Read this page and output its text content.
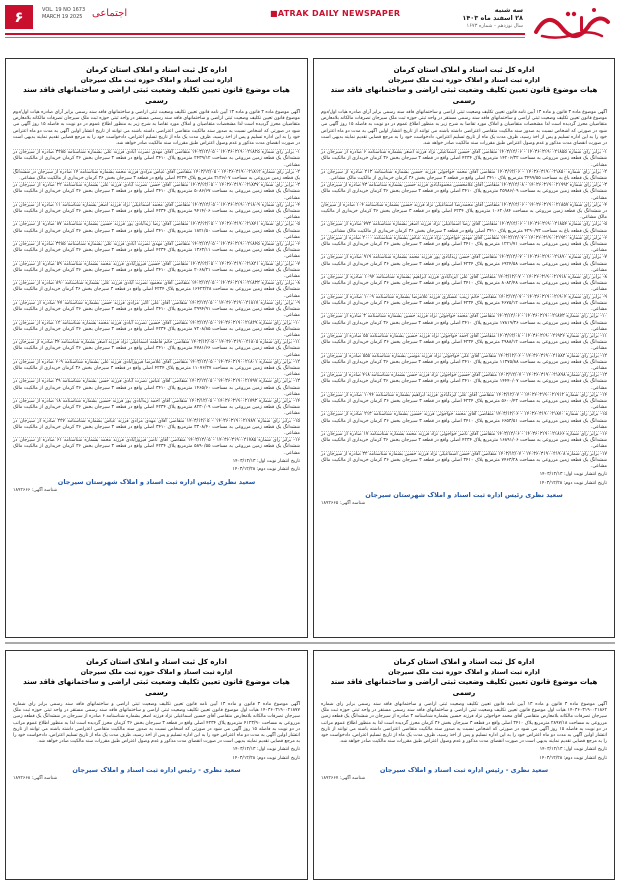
۶	VOL. 19 NO 1673
MARCH 19 2025 اجتماعی	■ATRAK DAILY NEWSPAPER	سه شنبه
۲۸ اسفند ماه ۱۴۰۳
سال نوزدهم - شماره ۱۶۷۳
اداره کل ثبت اسناد و املاک استان کرمان
اداره ثبت اسناد و املاک حوزه ثبت ملک سیرجان
هیات موضوع قانون تعیین تکلیف وضعیت ثبتی اراضی و ساختمانهای فاقد سند رسمی
آگهی موضوع ماده ۳ قانون و ماده ۱۳ آیین نامه قانون تعیین تکلیف وضعیت ثبتی اراضی و ساختمانهای فاقد سند رسمی برابر آرای صادره هیات اول/دوم موضوع قانون تعیین تکلیف وضعیت ثبتی اراضی و ساختمانهای فاقد سند رسمی مستقر در واحد ثبتی حوزه ثبت ملک سیرجان تصرفات مالکانه بلامعارض متقاضیان محرز گردیده است لذا مشخصات متقاضیان و املاک مورد تقاضا به شرح زیر به منظور اطلاع عموم در دو نوبت به فاصله ۱۵ روز آگهی می شود در صورتی که اشخاص نسبت به صدور سند مالکیت متقاضی اعتراضی داشته باشند می توانند از تاریخ انتشار اولین آگهی به مدت دو ماه اعتراض خود را به این اداره تسلیم و پس از اخذ رسید، ظرف مدت یک ماه از تاریخ تسلیم اعتراض، دادخواست خود را به مرجع قضایی تقدیم نمایند بدیهی است در صورت انقضای مدت مذکور و عدم وصول اعتراض طبق مقررات سند مالکیت صادر خواهد شد.
۱- برابر رای شماره ۱۴۰۳۶۰۳۱۹۰۰۲۱۸۵۵ - ۱۴۰۳/۱۲/۰۶ متقاضی آقای حسین اسماعیلی نژاد فرزند اصغر بشماره شناسنامه ۶ صادره از سیرجان در ششدانگ یک قطعه زمین مزروعی به مساحت ۱۴۲۰۶/۳۲ مترمربع پلاک ۴۲۳۴ اصلی واقع در قطعه ۳ سیرجان بخش ۳۶ کرمان خریداری از مالکیت مالک مشاعی.
۲- برابر رای شماره ۱۴۰۳۶۰۳۱۹۰۰۲۱۸۵۰ - ۱۴۰۳/۱۲/۰۶ متقاضی آقای محمد خواجوئی فرزند حسین بشماره شناسنامه ۲۱۳ صادره از سیرجان در ششدانگ یک قطعه باغ به مساحت ۳۴۹۹/۵۵ مترمربع پلاک ۳۴۱۰ اصلی واقع در قطعه ۳ سیرجان بخش ۳۶ کرمان خریداری از مالکیت مالک مشاعی.
۳- برابر رای شماره ۱۴۰۳۶۰۳۱۹۰۰۲۱۹۹۲ - ۱۴۰۳/۱۲/۰۸ متقاضی آقای غلامحسین محمودآبادی فرزند حسین بشماره شناسنامه ۴۳ صادره از سیرجان در ششدانگ یک قطعه زمین مزروعی به مساحت ۲۵۹۸۶/۰۹ مترمربع پلاک ۳۴۱۰ اصلی واقع در قطعه ۳ سیرجان بخش ۳۶ کرمان خریداری از مالکیت مالک مشاعی.
۴- برابر رای شماره ۱۴۰۳۶۰۳۱۹۰۰۲۱۸۵۷ - ۱۴۰۳/۱۲/۰۶ متقاضی آقای محمدرضا اسماعیلی نژاد فرزند حسین بشماره شناسنامه ۱۰۴ صادره از سیرجان در ششدانگ یک قطعه زمین مزروعی به مساحت ۱۰۶۲۰/۸۴ مترمربع پلاک ۴۲۳۴ اصلی واقع در قطعه ۳ سیرجان بخش ۳۶ کرمان خریداری از مالکیت مالک مشاعی.
۵- برابر رای شماره ۱۴۰۳۶۰۳۱۹۰۰۲۱۸۵۴ - ۱۴۰۳/۱۲/۰۶ متقاضی آقای رضا اسماعیلی نژاد فرزند اصغر بشماره شناسنامه ۷۷۳ صادره از سیرجان در ششدانگ یک قطعه باغ به مساحت ۴۲۹۰/۹۳ مترمربع پلاک ۳۴۱۰ اصلی واقع در قطعه ۳ سیرجان بخش ۳۶ کرمان خریداری از مالکیت مالک مشاعی.
۶- برابر رای شماره ۱۴۰۳۶۰۳۱۹۰۰۲۱۹۲۰ - ۱۴۰۳/۱۲/۰۷ متقاضی آقای مهدی خواجوئی نژاد فرزند عباس بشماره شناسنامه ۲۰۰۰ صادره از سیرجان در ششدانگ یک قطعه زمین مزروعی به مساحت ۱۲۲۱/۷۱ مترمربع پلاک ۳۴۱۰ اصلی واقع در قطعه ۳ سیرجان بخش ۳۶ کرمان خریداری از مالکیت مالک مشاعی.
۷- برابر رای شماره ۱۴۰۳۶۰۳۱۹۰۰۲۱۸۹۰ - ۱۴۰۳/۱۲/۰۷ متقاضی آقای حسن زیدآبادی پور فرزند محمد بشماره شناسنامه ۹۱۹ صادره از سیرجان در ششدانگ یک قطعه زمین مزروعی به مساحت ۶۹۲۴/۵۸ مترمربع پلاک ۴۲۳۴ اصلی واقع در قطعه ۳ سیرجان بخش ۳۶ کرمان خریداری از مالکیت مالک مشاعی.
۸- برابر رای شماره ۱۴۰۳۶۰۳۱۹۰۰۲۱۹۱۸ - ۱۴۰۳/۱۲/۰۷ متقاضی آقای علی ایزدآبادی فرزند ابراهیم بشماره شناسنامه ۱۰۹۴ صادره از سیرجان در ششدانگ یک قطعه زمین مزروعی به مساحت ۸۰۸۲/۴۸ مترمربع پلاک ۳۴۱۰ اصلی واقع در قطعه ۳ سیرجان بخش ۳۶ کرمان خریداری از مالکیت مالک مشاعی.
۹- برابر رای شماره ۱۴۰۳۶۰۳۱۹۰۰۲۱۹۰۴ - ۱۴۰۳/۱۲/۰۷ متقاضی خانم زینب عسکری فرزند غلامرضا بشماره شناسنامه ۱۰۰۹ صادره از سیرجان در ششدانگ یک قطعه زمین مزروعی به مساحت ۴۶۷۵/۱۲ مترمربع پلاک ۴۲۳۴ اصلی واقع در قطعه ۳ سیرجان بخش ۳۶ کرمان خریداری از مالکیت مالک مشاعی.
۱۰- برابر رای شماره ۱۴۰۳۶۰۳۱۹۰۰۲۱۸۷۳ - ۱۴۰۳/۱۲/۰۶ متقاضی آقای محمد خواجوئی نژاد فرزند حسین بشماره شناسنامه ۳ صادره از سیرجان در ششدانگ یک قطعه زمین مزروعی به مساحت ۱۷۸۱۹/۳۶ مترمربع پلاک ۳۴۱۰ اصلی واقع در قطعه ۳ سیرجان بخش ۳۶ کرمان خریداری از مالکیت مالک مشاعی.
۱۱- برابر رای شماره ۱۴۰۳۶۰۳۱۹۰۰۲۱۹۳۶ - ۱۴۰۳/۱۲/۰۸ متقاضی آقای احمد خواجوئی نژاد فرزند حسین بشماره شناسنامه ۵۵ صادره از سیرجان در ششدانگ یک قطعه زمین مزروعی به مساحت ۲۹۸۸/۱۲ مترمربع پلاک ۴۲۳۴ اصلی واقع در قطعه ۳ سیرجان بخش ۳۶ کرمان خریداری از مالکیت مالک مشاعی.
۱۲- برابر رای شماره ۱۴۰۳۶۰۳۱۹۰۰۲۱۸۸۲ - ۱۴۰۳/۱۲/۰۶ متقاضی آقای علی خواجوئی نژاد فرزند موسی بشماره شناسنامه ۵۵۵ صادره از سیرجان در ششدانگ یک قطعه زمین مزروعی به مساحت ۱۱۳۷۵/۸۸ مترمربع پلاک ۳۴۱۰ اصلی واقع در قطعه ۳ سیرجان بخش ۳۶ کرمان خریداری از مالکیت مالک مشاعی.
۱۳- برابر رای شماره ۱۴۰۳۶۰۳۱۹۰۰۲۱۸۹۸ - ۱۴۰۳/۱۲/۰۷ متقاضی آقای حسین خواجوئی نژاد فرزند حسن بشماره شناسنامه ۴۱۸ صادره از سیرجان در ششدانگ یک قطعه زمین مزروعی به مساحت ۱۴۴۴۰/۰۷ مترمربع پلاک ۳۴۱۰ اصلی واقع در قطعه ۳ سیرجان بخش ۳۶ کرمان خریداری از مالکیت مالک مشاعی.
۱۴- برابر رای شماره ۱۴۰۳۶۰۳۱۹۰۰۲۱۹۱۲ - ۱۴۰۳/۱۲/۰۷ متقاضی آقای علی ایزدآبادی فرزند ابراهیم بشماره شناسنامه ۱۰۹۴ صادره از سیرجان در ششدانگ یک قطعه زمین مزروعی به مساحت ۵۶۰۰/۴۳ مترمربع پلاک ۴۲۳۴ اصلی واقع در قطعه ۳ سیرجان بخش ۳۶ کرمان خریداری از مالکیت مالک مشاعی.
۱۵- برابر رای شماره ۱۴۰۳۶۰۳۱۹۰۰۲۱۸۷۰ - ۱۴۰۳/۱۲/۰۶ متقاضی آقای محمد خواجوئی فرزند حسین بشماره شناسنامه ۲۱۳ صادره از سیرجان در ششدانگ یک قطعه زمین مزروعی به مساحت ۶۶۵۳/۵۱ مترمربع پلاک ۳۴۱۰ اصلی واقع در قطعه ۳ سیرجان بخش ۳۶ کرمان خریداری از مالکیت مالک مشاعی.
۱۶- برابر رای شماره ۱۴۰۳۶۰۳۱۹۰۰۲۱۸۶۶ - ۱۴۰۳/۱۲/۰۶ متقاضی آقای ناصر خواجوئی نژاد فرزند محمد بشماره شناسنامه ۱۷ صادره از سیرجان در ششدانگ یک قطعه زمین مزروعی به مساحت ۱۶۸۹۱/۰۶ مترمربع پلاک ۴۲۳۴ اصلی واقع در قطعه ۳ سیرجان بخش ۳۶ کرمان خریداری از مالکیت مالک مشاعی.
۱۷- برابر رای شماره ۱۴۰۳۶۰۳۱۹۰۰۲۱۹۰۸ - ۱۴۰۳/۱۲/۰۷ متقاضی آقای حسن اسماعیلی نژاد فرزند حسین بشماره شناسنامه ۳۲ صادره از سیرجان در ششدانگ یک قطعه زمین مزروعی به مساحت ۷۴۶۳/۲۸ مترمربع پلاک ۳۴۱۰ اصلی واقع در قطعه ۳ سیرجان بخش ۳۶ کرمان خریداری از مالکیت مالک مشاعی.
تاریخ انتشار نوبت اول: ۱۴۰۳/۱۲/۱۳
تاریخ انتشار نوبت دوم: ۱۴۰۳/۱۲/۲۸
سعید نظری رئیس اداره ثبت اسناد و املاک شهرستان سیرجان
شناسه آگهی: ۱۸۹۲۶۶۵
اداره کل ثبت اسناد و املاک استان کرمان
اداره ثبت اسناد و املاک حوزه ثبت ملک سیرجان
هیات موضوع قانون تعیین تکلیف وضعیت ثبتی اراضی و ساختمانهای فاقد سند رسمی
آگهی موضوع ماده ۳ قانون و ماده ۱۳ آیین نامه قانون تعیین تکلیف وضعیت ثبتی اراضی و ساختمانهای فاقد سند رسمی برابر آرای صادره هیات اول/دوم موضوع قانون تعیین تکلیف وضعیت ثبتی اراضی و ساختمانهای فاقد سند رسمی مستقر در واحد ثبتی حوزه ثبت ملک سیرجان تصرفات مالکانه بلامعارض متقاضیان محرز گردیده است لذا مشخصات متقاضیان و املاک مورد تقاضا به شرح زیر به منظور اطلاع عموم در دو نوبت به فاصله ۱۵ روز آگهی می شود در صورتی که اشخاص نسبت به صدور سند مالکیت متقاضی اعتراضی داشته باشند می توانند از تاریخ انتشار اولین آگهی به مدت دو ماه اعتراض خود را به این اداره تسلیم و پس از اخذ رسید، ظرف مدت یک ماه از تاریخ تسلیم اعتراض، دادخواست خود را به مرجع قضایی تقدیم نمایند بدیهی است در صورت انقضای مدت مذکور و عدم وصول اعتراض طبق مقررات سند مالکیت صادر خواهد شد.
۱- برابر رای شماره ۱۴۰۳۶۰۳۱۹۰۰۲۱۸۲۵ - ۱۴۰۳/۱۲/۰۵ متقاضی آقای مهدی نصرت آبادی فرزند علی بشماره شناسنامه ۳۲۸۵ صادره از سیرجان در ششدانگ یک قطعه زمین مزروعی به مساحت ۲۴۳۹/۱۲ مترمربع پلاک ۳۴۱۰ اصلی واقع در قطعه ۳ سیرجان بخش ۳۶ کرمان خریداری از مالکیت مالک مشاعی.
۲- برابر رای شماره ۱۴۰۳۶۰۳۱۹۰۰۲۱۸۱۲ - ۱۴۰۳/۱۲/۰۵ متقاضی آقای عباس مرادی فرزند محمد بشماره شناسنامه ۱۴ صادره از سیرجان در ششدانگ یک قطعه زمین مزروعی به مساحت ۳۱۳۶/۰۷ مترمربع پلاک ۴۲۳۴ اصلی واقع در قطعه ۳ سیرجان بخش ۳۶ کرمان خریداری از مالکیت مالک مشاعی.
۳- برابر رای شماره ۱۴۰۳۶۰۳۱۹۰۰۲۱۸۳۷ - ۱۴۰۳/۱۲/۰۵ متقاضی آقای حسن نصرت آبادی فرزند علی بشماره شناسنامه ۲۲ صادره از سیرجان در ششدانگ یک قطعه زمین مزروعی به مساحت ۵۰۸۶/۶۷ مترمربع پلاک ۳۴۱۰ اصلی واقع در قطعه ۳ سیرجان بخش ۳۶ کرمان خریداری از مالکیت مالک مشاعی.
۴- برابر رای شماره ۱۴۰۳۶۰۳۱۹۰۰۲۱۸۰۹ - ۱۴۰۳/۱۲/۰۵ متقاضی آقای محمد اسماعیلی نژاد فرزند اصغر بشماره شناسنامه ۱۱ صادره از سیرجان در ششدانگ یک قطعه زمین مزروعی به مساحت ۹۴۱۴/۰۶ مترمربع پلاک ۴۲۳۴ اصلی واقع در قطعه ۳ سیرجان بخش ۳۶ کرمان خریداری از مالکیت مالک مشاعی.
۵- برابر رای شماره ۱۴۰۳۶۰۳۱۹۰۰۲۱۸۴۱ - ۱۴۰۳/۱۲/۰۵ متقاضی آقای رضا زیدآبادی پور فرزند حسین بشماره شناسنامه ۸۷ صادره از سیرجان در ششدانگ یک قطعه زمین مزروعی به مساحت ۱۸۲۱/۵۰ مترمربع پلاک ۳۴۱۰ اصلی واقع در قطعه ۳ سیرجان بخش ۳۶ کرمان خریداری از مالکیت مالک مشاعی.
۶- برابر رای شماره ۱۴۰۳۶۰۳۱۹۰۰۲۱۸۴۵ - ۱۴۰۳/۱۲/۰۵ متقاضی آقای مهدی نصرت آبادی فرزند علی بشماره شناسنامه ۳۲۸۵ صادره از سیرجان در ششدانگ یک قطعه زمین مزروعی به مساحت ۱۳۶۳/۱۱ مترمربع پلاک ۴۲۳۴ اصلی واقع در قطعه ۳ سیرجان بخش ۳۶ کرمان خریداری از مالکیت مالک مشاعی.
۷- برابر رای شماره ۱۴۰۳۶۰۳۱۹۰۰۲۱۸۲۱ - ۱۴۰۳/۱۲/۰۵ متقاضی آقای حسین فیروزآبادی فرزند محمد بشماره شناسنامه ۵۹ صادره از سیرجان در ششدانگ یک قطعه زمین مزروعی به مساحت ۲۰۶۸/۲۱ مترمربع پلاک ۳۴۱۰ اصلی واقع در قطعه ۳ سیرجان بخش ۳۶ کرمان خریداری از مالکیت مالک مشاعی.
۸- برابر رای شماره ۱۴۰۳۶۰۳۱۹۰۰۲۱۸۳۳ - ۱۴۰۳/۱۲/۰۵ متقاضی آقای محمود نصرت آبادی فرزند علی بشماره شناسنامه ۸۹۰ صادره از سیرجان در ششدانگ یک قطعه زمین مزروعی به مساحت ۱۶۴۲۳/۲۸ مترمربع پلاک ۴۲۳۴ اصلی واقع در قطعه ۳ سیرجان بخش ۳۶ کرمان خریداری از مالکیت مالک مشاعی.
۹- برابر رای شماره ۱۴۰۳۶۰۳۱۹۰۰۲۱۸۱۷ - ۱۴۰۳/۱۲/۰۵ متقاضی آقای علی اکبر مرادی فرزند حسن بشماره شناسنامه ۴۷ صادره از سیرجان در ششدانگ یک قطعه زمین مزروعی به مساحت ۳۹۹۴/۹۱ مترمربع پلاک ۳۴۱۰ اصلی واقع در قطعه ۳ سیرجان بخش ۳۶ کرمان خریداری از مالکیت مالک مشاعی.
۱۰- برابر رای شماره ۱۴۰۳۶۰۳۱۹۰۰۲۱۸۲۹ - ۱۴۰۳/۱۲/۰۵ متقاضی آقای حسین نصرت آبادی فرزند محمد بشماره شناسنامه ۱۲ صادره از سیرجان در ششدانگ یک قطعه زمین مزروعی به مساحت ۷۲۰۸/۸۵ مترمربع پلاک ۴۲۳۴ اصلی واقع در قطعه ۳ سیرجان بخش ۳۶ کرمان خریداری از مالکیت مالک مشاعی.
۱۱- برابر رای شماره ۱۴۰۳۶۰۳۱۹۰۰۲۱۸۰۵ - ۱۴۰۳/۱۲/۰۵ متقاضی خانم فاطمه اسماعیلی نژاد فرزند اصغر بشماره شناسنامه ۳۴ صادره از سیرجان در ششدانگ یک قطعه زمین مزروعی به مساحت ۴۷۸۱/۶۶ مترمربع پلاک ۳۴۱۰ اصلی واقع در قطعه ۳ سیرجان بخش ۳۶ کرمان خریداری از مالکیت مالک مشاعی.
۱۲- برابر رای شماره ۱۴۰۳۶۰۳۱۹۰۰۲۱۸۰۱ - ۱۴۰۳/۱۲/۰۵ متقاضی آقای غلامرضا فیروزآبادی فرزند علی بشماره شناسنامه ۶۰۹ صادره از سیرجان در ششدانگ یک قطعه زمین مزروعی به مساحت ۱۱۰۷۶/۳۷ مترمربع پلاک ۴۲۳۴ اصلی واقع در قطعه ۳ سیرجان بخش ۳۶ کرمان خریداری از مالکیت مالک مشاعی.
۱۳- برابر رای شماره ۱۴۰۳۶۰۳۱۹۰۰۲۱۷۹۷ - ۱۴۰۳/۱۲/۰۵ متقاضی آقای عباس نصرت آبادی فرزند حسن بشماره شناسنامه ۲۹ صادره از سیرجان در ششدانگ یک قطعه زمین مزروعی به مساحت ۱۴۶۵/۶۰ مترمربع پلاک ۳۴۱۰ اصلی واقع در قطعه ۳ سیرجان بخش ۳۶ کرمان خریداری از مالکیت مالک مشاعی.
۱۴- برابر رای شماره ۱۴۰۳۶۰۳۱۹۰۰۲۱۷۹۳ - ۱۴۰۳/۱۲/۰۵ متقاضی آقای احمد زیدآبادی پور فرزند حسین بشماره شناسنامه ۱۸ صادره از سیرجان در ششدانگ یک قطعه زمین مزروعی به مساحت ۸۲۳۰/۰۹ مترمربع پلاک ۴۲۳۴ اصلی واقع در قطعه ۳ سیرجان بخش ۳۶ کرمان خریداری از مالکیت مالک مشاعی.
۱۵- برابر رای شماره ۱۴۰۳۶۰۳۱۹۰۰۲۱۷۸۹ - ۱۴۰۳/۱۲/۰۵ متقاضی آقای مهدی مرادی فرزند عباس بشماره شناسنامه ۲۲۷ صادره از سیرجان در ششدانگ یک قطعه زمین مزروعی به مساحت ۳۳۰۸/۴۰ مترمربع پلاک ۳۴۱۰ اصلی واقع در قطعه ۳ سیرجان بخش ۳۶ کرمان خریداری از مالکیت مالک مشاعی.
۱۶- برابر رای شماره ۱۴۰۳۶۰۳۱۹۰۰۲۱۷۸۵ - ۱۴۰۳/۱۲/۰۵ متقاضی آقای ناصر فیروزآبادی فرزند محمد بشماره شناسنامه ۶۱ صادره از سیرجان در ششدانگ یک قطعه زمین مزروعی به مساحت ۵۸۹۰/۵۵ مترمربع پلاک ۴۲۳۴ اصلی واقع در قطعه ۳ سیرجان بخش ۳۶ کرمان خریداری از مالکیت مالک مشاعی.
تاریخ انتشار نوبت اول: ۱۴۰۳/۱۲/۱۳
تاریخ انتشار نوبت دوم: ۱۴۰۳/۱۲/۲۸
سعید نظری رئیس اداره ثبت اسناد و املاک شهرستان سیرجان
شناسه آگهی: ۱۸۹۲۶۶۶
اداره کل ثبت اسناد و املاک استان کرمان
اداره ثبت اسناد و املاک حوزه ثبت ملک سیرجان
هیات موضوع قانون تعیین تکلیف وضعیت ثبتی اراضی و ساختمانهای فاقد سند رسمی
آگهی موضوع ماده ۳ قانون و ماده ۱۳ آیین نامه قانون تعیین تکلیف وضعیت ثبتی اراضی و ساختمانهای فاقد سند رسمی برابر رای شماره ۱۴۰۳۶۰۳۱۹۰۰۲۱۸۶۲ هیات اول موضوع قانون تعیین تکلیف وضعیت ثبتی اراضی و ساختمانهای فاقد سند رسمی مستقر در واحد ثبتی حوزه ثبت ملک سیرجان تصرفات مالکانه بلامعارض متقاضی آقای محمد خواجوئی نژاد فرزند حسین بشماره شناسنامه ۳ صادره از سیرجان در ششدانگ یک قطعه زمین مزروعی به مساحت ۲۸۹۷/۱۸ مترمربع پلاک ۳۴۱۰ اصلی واقع در قطعه ۳ سیرجان بخش ۳۶ کرمان محرز گردیده است لذا به منظور اطلاع عموم مراتب در دو نوبت به فاصله ۱۵ روز آگهی می شود در صورتی که اشخاص نسبت به صدور سند مالکیت متقاضی اعتراضی داشته باشند می توانند از تاریخ انتشار اولین آگهی به مدت دو ماه اعتراض خود را به این اداره تسلیم و پس از اخذ رسید، ظرف مدت یک ماه از تاریخ تسلیم اعتراض، دادخواست خود را به مرجع قضایی تقدیم نمایند بدیهی است در صورت انقضای مدت مذکور و عدم وصول اعتراض طبق مقررات سند مالکیت صادر خواهد شد.
تاریخ انتشار نوبت اول: ۱۴۰۳/۱۲/۱۳
تاریخ انتشار نوبت دوم: ۱۴۰۳/۱۲/۲۸
سعید نظری - رئیس اداره ثبت اسناد و املاک سیرجان
شناسه آگهی: ۱۸۹۲۶۶۷
اداره کل ثبت اسناد و املاک استان کرمان
اداره ثبت اسناد و املاک حوزه ثبت ملک سیرجان
هیات موضوع قانون تعیین تکلیف وضعیت ثبتی اراضی و ساختمانهای فاقد سند رسمی
آگهی موضوع ماده ۳ قانون و ماده ۱۳ آیین نامه قانون تعیین تکلیف وضعیت ثبتی اراضی و ساختمانهای فاقد سند رسمی برابر رای شماره ۱۴۰۳۶۰۳۱۹۰۰۲۱۸۷۷ هیات اول موضوع قانون تعیین تکلیف وضعیت ثبتی اراضی و ساختمانهای فاقد سند رسمی مستقر در واحد ثبتی حوزه ثبت ملک سیرجان تصرفات مالکانه بلامعارض متقاضی آقای حسین اسماعیلی نژاد فرزند اصغر بشماره شناسنامه ۶ صادره از سیرجان در ششدانگ یک قطعه زمین مزروعی به مساحت ۴۱۲۳/۹۰ مترمربع پلاک ۴۲۳۴ اصلی واقع در قطعه ۳ سیرجان بخش ۳۶ کرمان محرز گردیده است لذا به منظور اطلاع عموم مراتب در دو نوبت به فاصله ۱۵ روز آگهی می شود در صورتی که اشخاص نسبت به صدور سند مالکیت متقاضی اعتراضی داشته باشند می توانند از تاریخ انتشار اولین آگهی به مدت دو ماه اعتراض خود را به این اداره تسلیم و پس از اخذ رسید، ظرف مدت یک ماه از تاریخ تسلیم اعتراض، دادخواست خود را به مرجع قضایی تقدیم نمایند بدیهی است در صورت انقضای مدت مذکور و عدم وصول اعتراض طبق مقررات سند مالکیت صادر خواهد شد.
تاریخ انتشار نوبت اول: ۱۴۰۳/۱۲/۱۳
تاریخ انتشار نوبت دوم: ۱۴۰۳/۱۲/۲۸
سعید نظری - رئیس اداره ثبت اسناد و املاک سیرجان
شناسه آگهی: ۱۸۹۲۶۶۸
